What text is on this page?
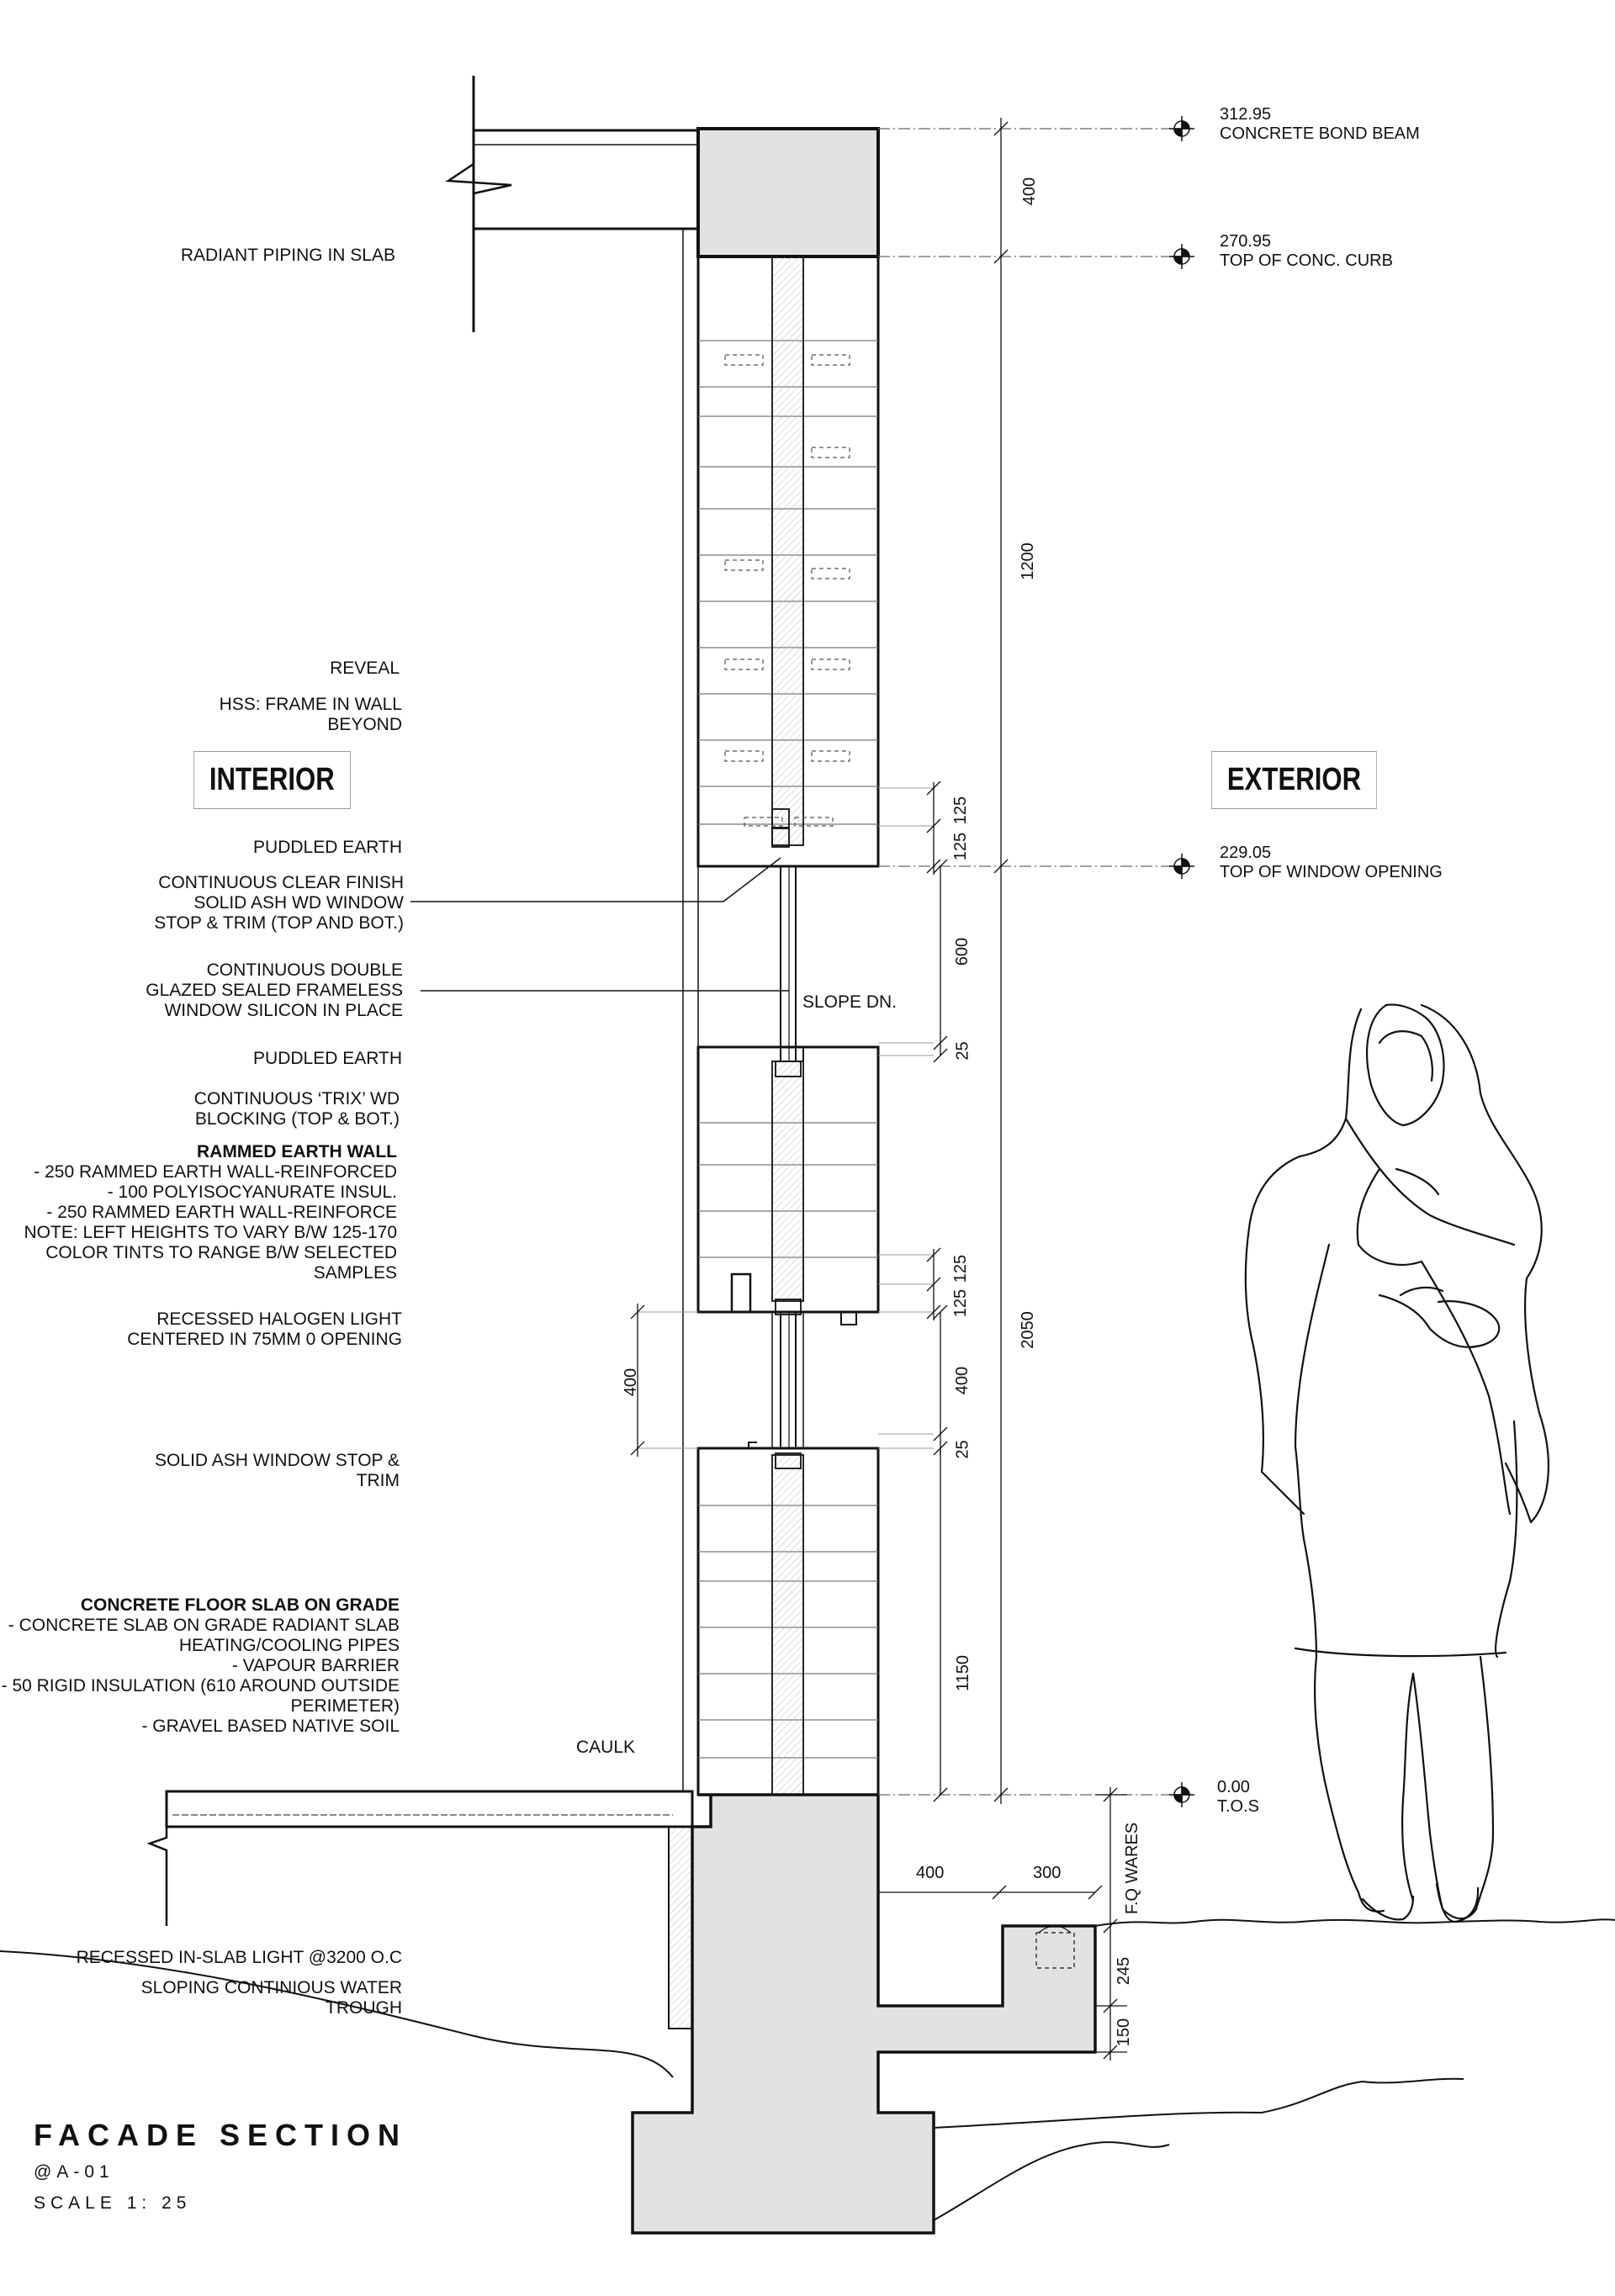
INTERIOR	EXTERIOR
312.95
CONCRETE BOND BEAM
270.95
TOP OF CONC. CURB
229.05
TOP OF WINDOW OPENING
0.00
T.O.S
RADIANT PIPING IN SLAB
REVEAL
HSS: FRAME IN WALL
BEYOND
PUDDLED EARTH
CONTINUOUS CLEAR FINISH
SOLID ASH WD WINDOW
STOP & TRIM (TOP AND BOT.)
CONTINUOUS DOUBLE
GLAZED SEALED FRAMELESS
WINDOW SILICON IN PLACE
PUDDLED EARTH
CONTINUOUS ‘TRIX’ WD
BLOCKING (TOP & BOT.)
RAMMED EARTH WALL
- 250 RAMMED EARTH WALL-REINFORCED
- 100 POLYISOCYANURATE INSUL.
- 250 RAMMED EARTH WALL-REINFORCE
NOTE: LEFT HEIGHTS TO VARY B/W 125-170
COLOR TINTS TO RANGE B/W SELECTED
SAMPLES
RECESSED HALOGEN LIGHT
CENTERED IN 75MM 0 OPENING
SOLID ASH WINDOW STOP &
TRIM
CONCRETE FLOOR SLAB ON GRADE
- CONCRETE SLAB ON GRADE RADIANT SLAB
HEATING/COOLING PIPES
- VAPOUR BARRIER
- 50 RIGID INSULATION (610 AROUND OUTSIDE
PERIMETER)
- GRAVEL BASED NATIVE SOIL
CAULK
RECESSED IN-SLAB LIGHT @3200 O.C
SLOPING CONTINIOUS WATER
TROUGH
SLOPE DN.
400
1200
125
125
600
25
2050
125
125
400
400
25
1150
400	300
245
150
F.Q WARES
FACADE SECTION
@A-01
SCALE 1: 25
